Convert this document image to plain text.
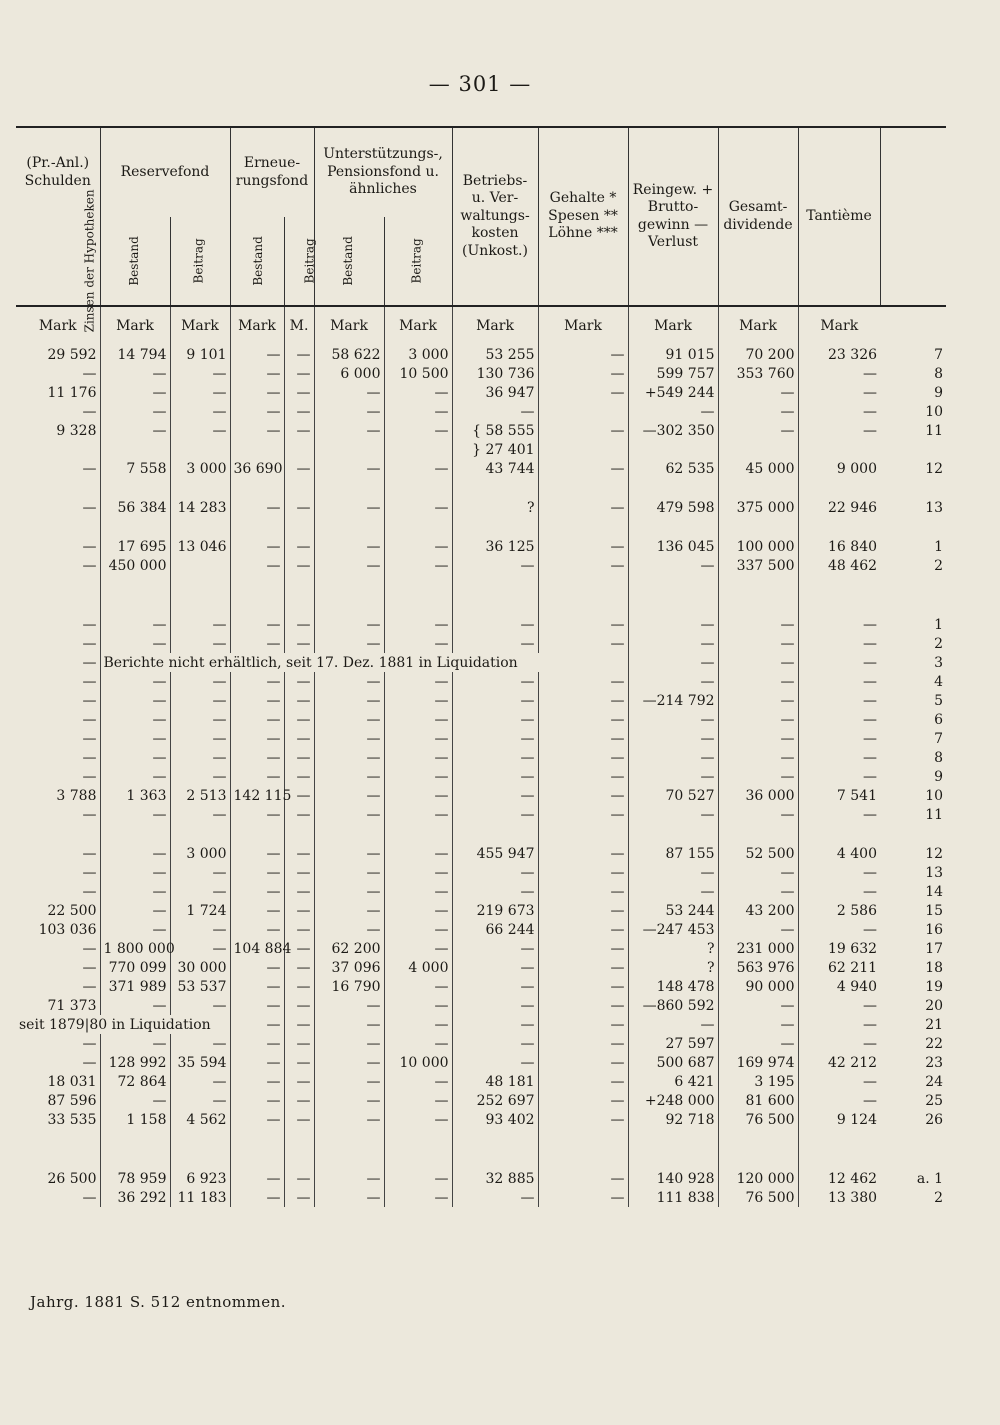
— 301 —
(Pr.-Anl.) Schulden	Reservefond		Erneue- rungsfond		Unterstützungs-, Pensionsfond u. ähnliches		Betriebs- u. Ver- waltungs- kosten (Unkost.)	Gehalte * Spesen ** Löhne ***	Reingew. + Brutto- gewinn —Verlust	Gesamt- dividende	Tantième	
Zinsen der Hypotheken	Bestand	Beitrag	Bestand	Beitrag	Bestand	Beitrag						
Mark	Mark	Mark	Mark	M.	Mark	Mark	Mark	Mark	Mark	Mark	Mark	
29 592	14 794	9 101	—	—	58 622	3 000	53 255	—	91 015	70 200	23 326	7
—	—	—	—	—	6 000	10 500	130 736	—	599 757	353 760	—	8
11 176	—	—	—	—	—	—	36 947	—	+549 244	—	—	9
—	—	—	—	—	—	—	—		—	—	—	10
9 328	—	—	—	—	—	—	{ 58 555	—	—302 350	—	—	11
							} 27 401					
—	7 558	3 000	36 690	—	—	—	43 744	—	62 535	45 000	9 000	12

—	56 384	14 283	—	—	—	—	?	—	479 598	375 000	22 946	13

—	17 695	13 046	—	—	—	—	36 125	—	136 045	100 000	16 840	1
—	450 000		—	—	—	—	—	—	—	337 500	48 462	2

—	—	—	—	—	—	—	—	—	—	—	—	1
—	—	—	—	—	—	—	—	—	—	—	—	2
—	Berichte nicht erhältlich, seit 17. Dez. 1881 in Liquidation								—	—	—	3
—	—	—	—	—	—	—	—	—	—	—	—	4
—	—	—	—	—	—	—	—	—	—214 792	—	—	5
—	—	—	—	—	—	—	—	—	—	—	—	6
—	—	—	—	—	—	—	—	—	—	—	—	7
—	—	—	—	—	—	—	—	—	—	—	—	8
—	—	—	—	—	—	—	—	—	—	—	—	9
3 788	1 363	2 513	142 115	—	—	—	—	—	70 527	36 000	7 541	10
—	—	—	—	—	—	—	—	—	—	—	—	11

—	—	3 000	—	—	—	—	455 947	—	87 155	52 500	4 400	12
—	—	—	—	—	—	—	—	—	—	—	—	13
—	—	—	—	—	—	—	—	—	—	—	—	14
22 500	—	1 724	—	—	—	—	219 673	—	53 244	43 200	2 586	15
103 036	—	—	—	—	—	—	66 244	—	—247 453	—	—	16
—	1 800 000	—	104 884	—	62 200	—	—	—	?	231 000	19 632	17
—	770 099	30 000	—	—	37 096	4 000	—	—	?	563 976	62 211	18
—	371 989	53 537	—	—	16 790	—	—	—	148 478	90 000	4 940	19
71 373	—	—	—	—	—	—	—	—	—860 592	—	—	20
seit 1879|80 in Liquidation			—	—	—	—	—	—	—	—	—	21
—	—	—	—	—	—	—	—	—	27 597	—	—	22
—	128 992	35 594	—	—	—	10 000	—	—	500 687	169 974	42 212	23
18 031	72 864	—	—	—	—	—	48 181	—	6 421	3 195	—	24
87 596	—	—	—	—	—	—	252 697	—	+248 000	81 600	—	25
33 535	1 158	4 562	—	—	—	—	93 402	—	92 718	76 500	9 124	26

26 500	78 959	6 923	—	—	—	—	32 885	—	140 928	120 000	12 462	a. 1
—	36 292	11 183	—	—	—	—	—	—	111 838	76 500	13 380	2
Jahrg. 1881 S. 512 entnommen.
